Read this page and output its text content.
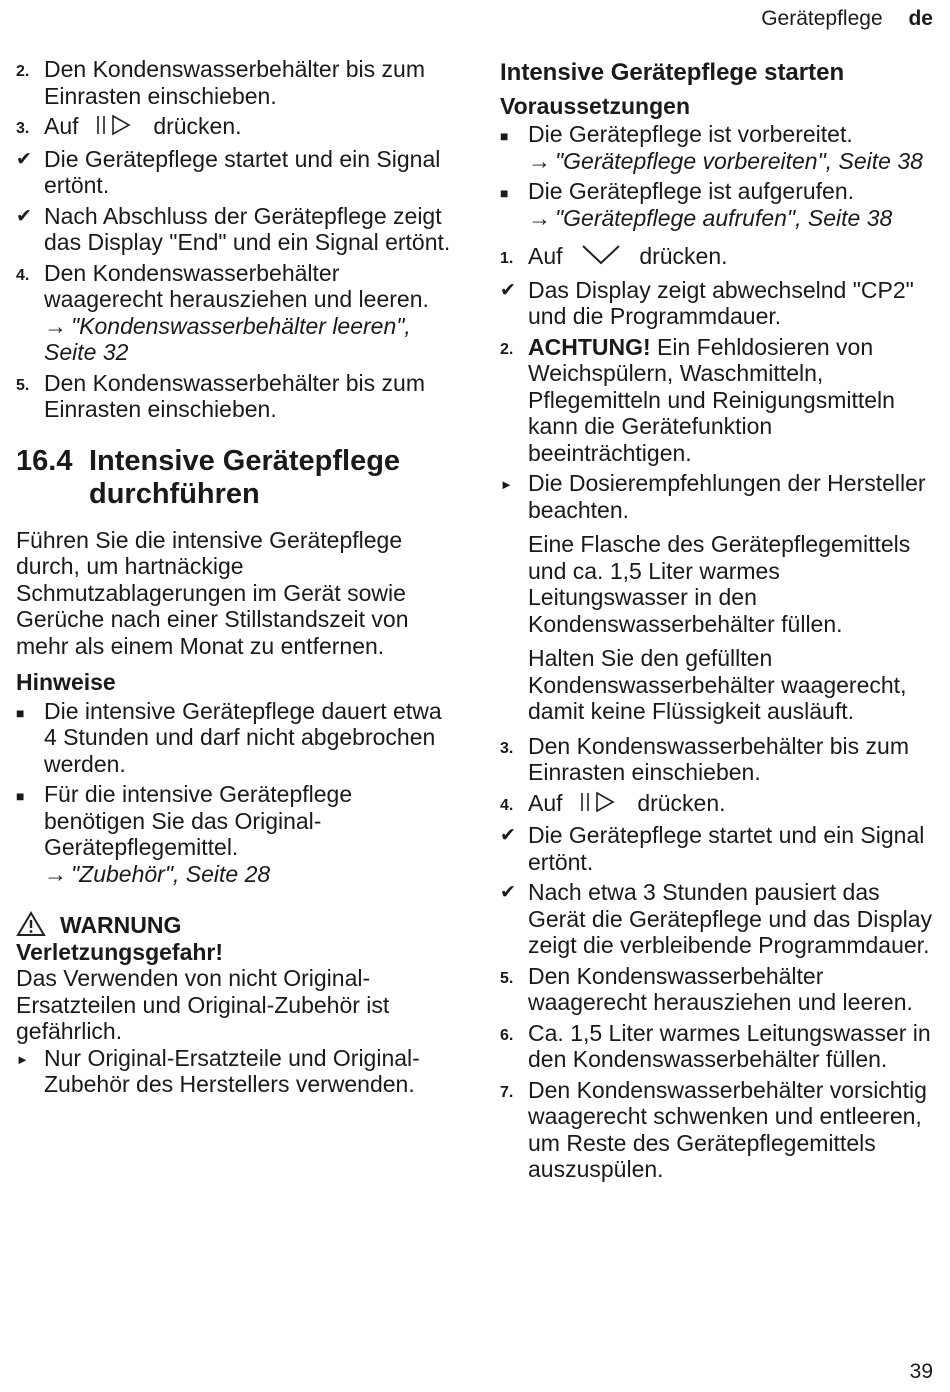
Gerätepflege de
2. Den Kondenswasserbehälter bis zum Einrasten einschieben.
3. Auf	drücken.
✔ Die Gerätepflege startet und ein Signal ertönt.
✔ Nach Abschluss der Gerätepflege zeigt das Display "End" und ein Signal ertönt.
4. Den Kondenswasserbehälter waagerecht herausziehen und leeren.
→ "Kondenswasserbehälter leeren", Seite 32
5. Den Kondenswasserbehälter bis zum Einrasten einschieben.
16.4 Intensive Gerätepflege durchführen

Führen Sie die intensive Gerätepflege durch, um hartnäckige Schmutzablagerungen im Gerät sowie Gerüche nach einer Stillstandszeit von mehr als einem Monat zu entfernen.

Hinweise
■ Die intensive Gerätepflege dauert etwa 4 Stunden und darf nicht abgebrochen werden.
■ Für die intensive Gerätepflege benötigen Sie das Original-Gerätepflegemittel.
→ "Zubehör", Seite 28
WARNUNG
Verletzungsgefahr!
Das Verwenden von nicht Original-Ersatzteilen und Original-Zubehör ist gefährlich.
► Nur Original-Ersatzteile und Original-Zubehör des Herstellers verwenden.
Intensive Gerätepflege starten
Voraussetzungen
■ Die Gerätepflege ist vorbereitet.
→ "Gerätepflege vorbereiten", Seite 38
■ Die Gerätepflege ist aufgerufen.
→ "Gerätepflege aufrufen", Seite 38
1. Auf	drücken.
✔ Das Display zeigt abwechselnd "CP2" und die Programmdauer.
2. ACHTUNG! Ein Fehldosieren von Weichspülern, Waschmitteln, Pflegemitteln und Reinigungsmitteln kann die Gerätefunktion beeinträchtigen.
► Die Dosierempfehlungen der Hersteller beachten.
Eine Flasche des Gerätepflegemittels und ca. 1,5 Liter warmes Leitungswasser in den Kondenswasserbehälter füllen.
Halten Sie den gefüllten Kondenswasserbehälter waagerecht, damit keine Flüssigkeit ausläuft.
3. Den Kondenswasserbehälter bis zum Einrasten einschieben.
4. Auf	drücken.
✔ Die Gerätepflege startet und ein Signal ertönt.
✔ Nach etwa 3 Stunden pausiert das Gerät die Gerätepflege und das Display zeigt die verbleibende Programmdauer.
5. Den Kondenswasserbehälter waagerecht herausziehen und leeren.
6. Ca. 1,5 Liter warmes Leitungswasser in den Kondenswasserbehälter füllen.
7. Den Kondenswasserbehälter vorsichtig waagerecht schwenken und entleeren, um Reste des Gerätepflegemittels auszuspülen.
39
